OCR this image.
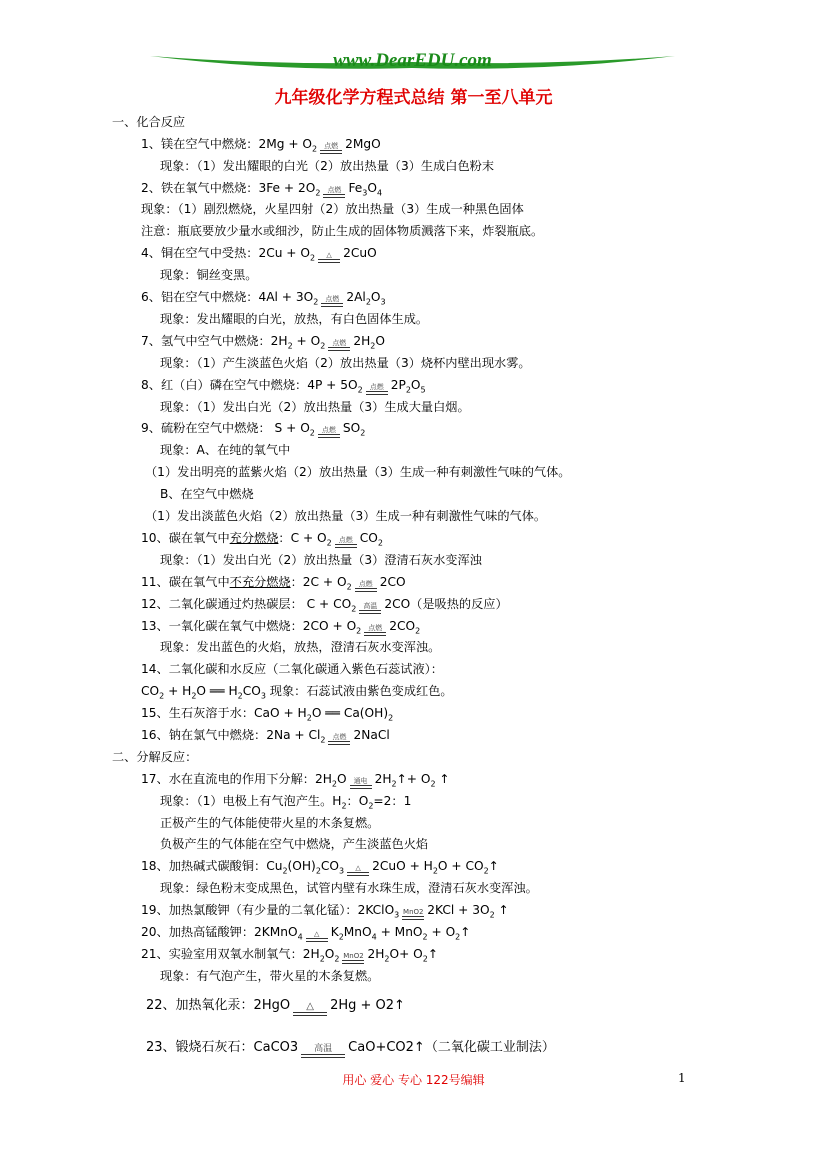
www.DearEDU.com
九年级化学方程式总结 第一至八单元
一、化合反应
1、镁在空气中燃烧：$2Mg + O_2$	点燃 2MgO
现象：（1）发出耀眼的白光（2）放出热量（3）生成白色粉末
2、铁在氧气中燃烧：$3Fe + 2O_2$	点燃 $Fe_3O_4$
现象：（1）剧烈燃烧，火星四射（2）放出热量（3）生成一种黑色固体
注意：瓶底要放少量水或细沙，防止生成的固体物质溅落下来，炸裂瓶底。
4、铜在空气中受热：$2Cu + O_2$	△ 2CuO
现象：铜丝变黑。
6、铝在空气中燃烧：$4Al + 3O_2$	点燃 $2Al_2O_3$
现象：发出耀眼的白光，放热，有白色固体生成。
7、氢气中空气中燃烧：$2H_2 + O_2$	点燃 $2H_2O$
现象：（1）产生淡蓝色火焰（2）放出热量（3）烧杯内壁出现水雾。
8、红（白）磷在空气中燃烧：$4P + 5O_2$	点燃 $2P_2O_5$
现象：（1）发出白光（2）放出热量（3）生成大量白烟。
9、硫粉在空气中燃烧： $S + O_2$	点燃 $SO_2$
现象：A、在纯的氧气中
（1）发出明亮的蓝紫火焰（2）放出热量（3）生成一种有刺激性气味的气体。
B、在空气中燃烧
（1）发出淡蓝色火焰（2）放出热量（3）生成一种有刺激性气味的气体。
10、碳在氧气中充分燃烧：$C + O_2$	点燃 $CO_2$
现象：（1）发出白光（2）放出热量（3）澄清石灰水变浑浊
11、碳在氧气中不充分燃烧：$2C + O_2$	点燃 2CO
12、二氧化碳通过灼热碳层： $C + CO_2$	高温 2CO（是吸热的反应）
13、一氧化碳在氧气中燃烧：$2CO + O_2$	点燃 $2CO_2$
现象：发出蓝色的火焰，放热，澄清石灰水变浑浊。
14、二氧化碳和水反应（二氧化碳通入紫色石蕊试液）：
$CO_2 + H_2O$ ══ $H_2CO_3$ 现象：石蕊试液由紫色变成红色。
15、生石灰溶于水：CaO + $H_2O$ ══ $Ca(OH)_2$
16、钠在氯气中燃烧：$2Na + Cl_2$	点燃 2NaCl
二、分解反应：
17、水在直流电的作用下分解：$2H_2O$	通电 $2H_2↑+ O_2$ ↑
现象：（1）电极上有气泡产生。$H_2$：$O_2=2$：1
正极产生的气体能使带火星的木条复燃。
负极产生的气体能在空气中燃烧，产生淡蓝色火焰
18、加热碱式碳酸铜：$Cu_2(OH)_2CO_3$	△ $2CuO + H_2O$ + $CO_2↑$
现象：绿色粉末变成黑色，试管内壁有水珠生成，澄清石灰水变浑浊。
19、加热氯酸钾（有少量的二氧化锰）：2KClO$_3$ MnO2 $2KCl + 3O_2$ ↑
20、加热高锰酸钾：2KMnO$_4$	△ $K_2MnO_4 + MnO_2$ + $O_2↑$
21、实验室用双氧水制氧气：$2H_2O_2$ MnO2 $2H_2O+$ $O_2↑$
现象：有气泡产生，带火星的木条复燃。
22、加热氧化汞：2HgO	△	2Hg + O2↑
23、锻烧石灰石：CaCO3	高温	CaO+CO2↑（二氧化碳工业制法）
用心 爱心 专心 122号编辑	1
